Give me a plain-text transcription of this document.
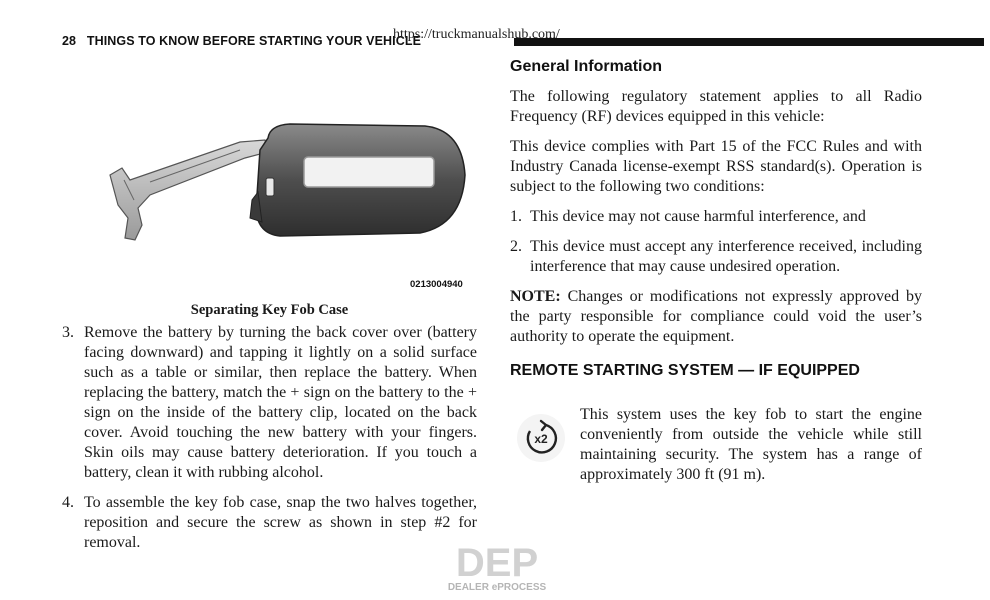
28 THINGS TO KNOW BEFORE STARTING YOUR VEHICLE
https://truckmanualshub.com/
0213004940
Separating Key Fob Case
3. Remove the battery by turning the back cover over (battery facing downward) and tapping it lightly on a solid surface such as a table or similar, then replace the battery. When replacing the battery, match the + sign on the battery to the + sign on the inside of the battery clip, located on the back cover. Avoid touching the new battery with your fingers. Skin oils may cause battery deterioration. If you touch a battery, clean it with rubbing alcohol.
4. To assemble the key fob case, snap the two halves together, reposition and secure the screw as shown in step #2 for removal.
General Information

The following regulatory statement applies to all Radio Frequency (RF) devices equipped in this vehicle:

This device complies with Part 15 of the FCC Rules and with Industry Canada license-exempt RSS standard(s). Operation is subject to the following two conditions:

1. This device may not cause harmful interference, and
2. This device must accept any interference received, including interference that may cause undesired operation.

NOTE: Changes or modifications not expressly approved by the party responsible for compliance could void the user’s authority to operate the equipment.

REMOTE STARTING SYSTEM — IF EQUIPPED
x2
This system uses the key fob to start the engine conveniently from outside the vehicle while still maintaining security. The system has a range of approximately 300 ft (91 m).
DEP
DEALER ePROCESS
